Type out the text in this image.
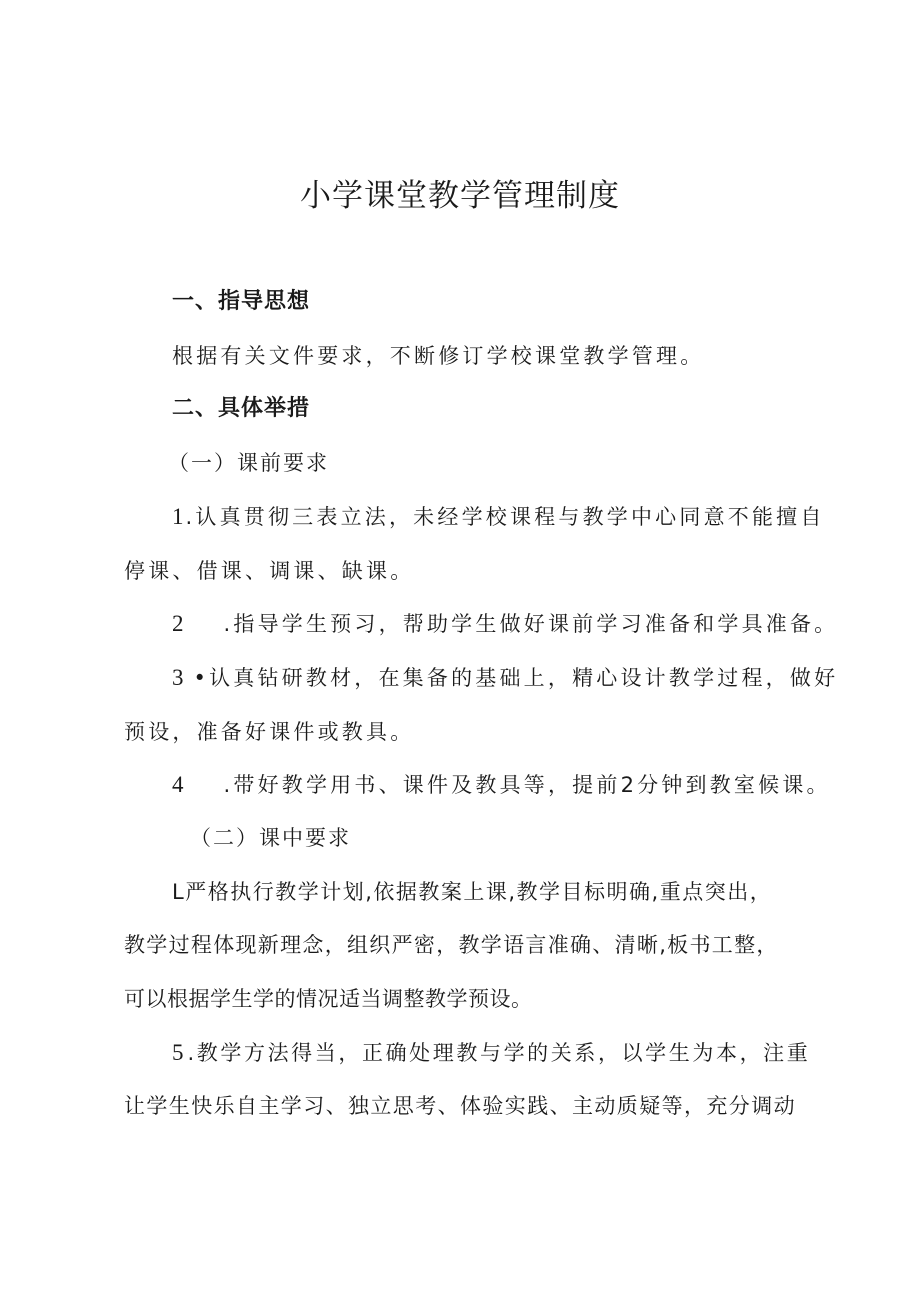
小学课堂教学管理制度
一、指导思想
根据有关文件要求，不断修订学校课堂教学管理。
二、具体举措
（一）课前要求
1.认真贯彻三表立法，未经学校课程与教学中心同意不能擅自
停课、借课、调课、缺课。
2 .指导学生预习，帮助学生做好课前学习准备和学具准备。
3 •认真钻研教材，在集备的基础上，精心设计教学过程，做好
预设，准备好课件或教具。
4 .带好教学用书、课件及教具等，提前2分钟到教室候课。
（二）课中要求
L严格执行教学计划,依据教案上课,教学目标明确,重点突出，
教学过程体现新理念，组织严密，教学语言准确、清晰,板书工整，
可以根据学生学的情况适当调整教学预设。
5 .教学方法得当，正确处理教与学的关系，以学生为本，注重
让学生快乐自主学习、独立思考、体验实践、主动质疑等，充分调动
